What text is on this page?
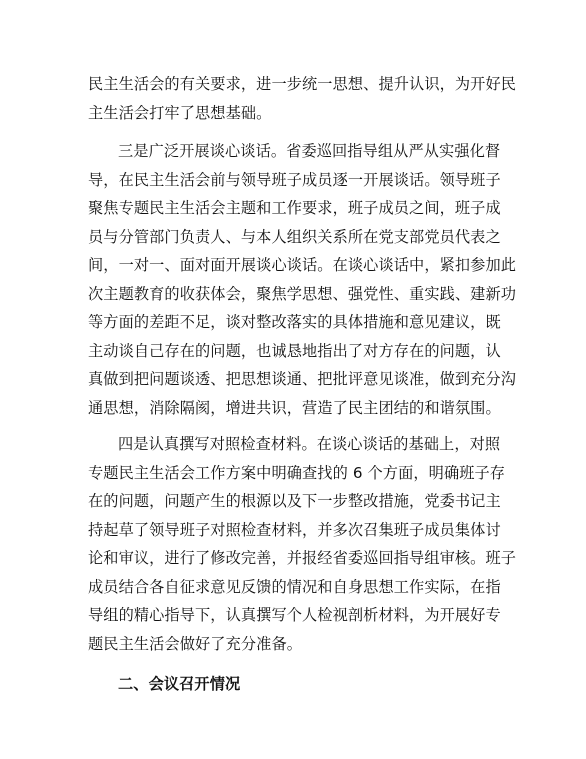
民主生活会的有关要求，进一步统一思想、提升认识，为开好民
主生活会打牢了思想基础。
三是广泛开展谈心谈话。省委巡回指导组从严从实强化督
导，在民主生活会前与领导班子成员逐一开展谈话。领导班子
聚焦专题民主生活会主题和工作要求，班子成员之间，班子成
员与分管部门负责人、与本人组织关系所在党支部党员代表之
间，一对一、面对面开展谈心谈话。在谈心谈话中，紧扣参加此
次主题教育的收获体会，聚焦学思想、强党性、重实践、建新功
等方面的差距不足，谈对整改落实的具体措施和意见建议，既
主动谈自己存在的问题，也诚恳地指出了对方存在的问题，认
真做到把问题谈透、把思想谈通、把批评意见谈准，做到充分沟
通思想，消除隔阂，增进共识，营造了民主团结的和谐氛围。
四是认真撰写对照检查材料。在谈心谈话的基础上，对照
专题民主生活会工作方案中明确查找的 6 个方面，明确班子存
在的问题，问题产生的根源以及下一步整改措施，党委书记主
持起草了领导班子对照检查材料，并多次召集班子成员集体讨
论和审议，进行了修改完善，并报经省委巡回指导组审核。班子
成员结合各自征求意见反馈的情况和自身思想工作实际，在指
导组的精心指导下，认真撰写个人检视剖析材料，为开展好专
题民主生活会做好了充分准备。
二、会议召开情况
